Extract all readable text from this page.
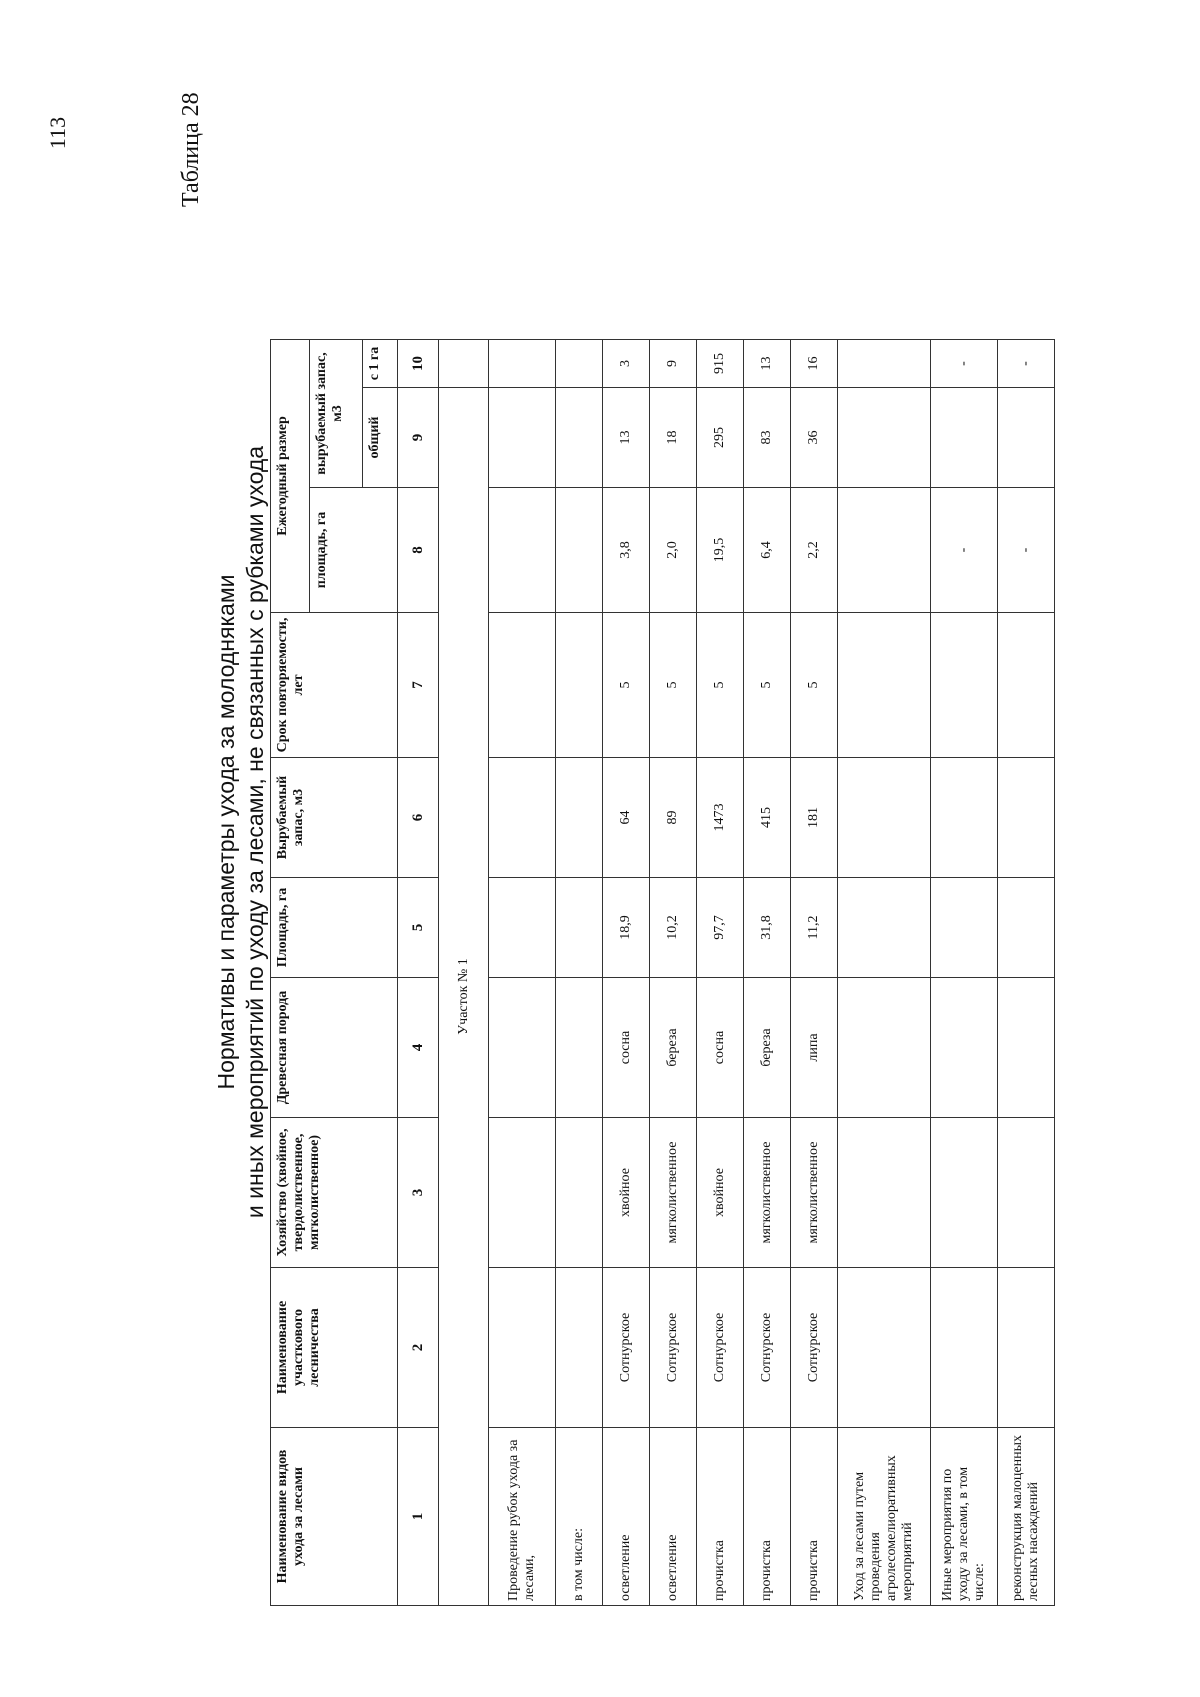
113	Таблица 28
Нормативы и параметры ухода за молодняками и иных мероприятий по уходу за лесами, не связанных с рубками ухода
Наименование видов ухода за лесами	Наименование участкового лесничества	Хозяйство (хвойное, твердолиственное, мягколиственное)	Древесная порода	Площадь, га	Вырубаемый запас, м3	Срок повторяемости, лет	Ежегодный размер		
							площадь, га	вырубаемый запас, м3	
								общий	с 1 га
1	2	3	4	5	6	7	8	9	10
Участок № 1									
Проведение рубок ухода за лесами,									
в том числе:									
осветление	Сотнурское	хвойное	сосна	18,9	64	5	3,8	13	3
осветление	Сотнурское	мягколиственное	береза	10,2	89	5	2,0	18	9
прочистка	Сотнурское	хвойное	сосна	97,7	1473	5	19,5	295	915
прочистка	Сотнурское	мягколиственное	береза	31,8	415	5	6,4	83	13
прочистка	Сотнурское	мягколиственное	липа	11,2	181	5	2,2	36	16
Уход за лесами путем проведения агролесомелиоративных мероприятий									
Иные мероприятия по уходу за лесами, в том числе:							-		-
реконструкция малоценных лесных насаждений							-		-
